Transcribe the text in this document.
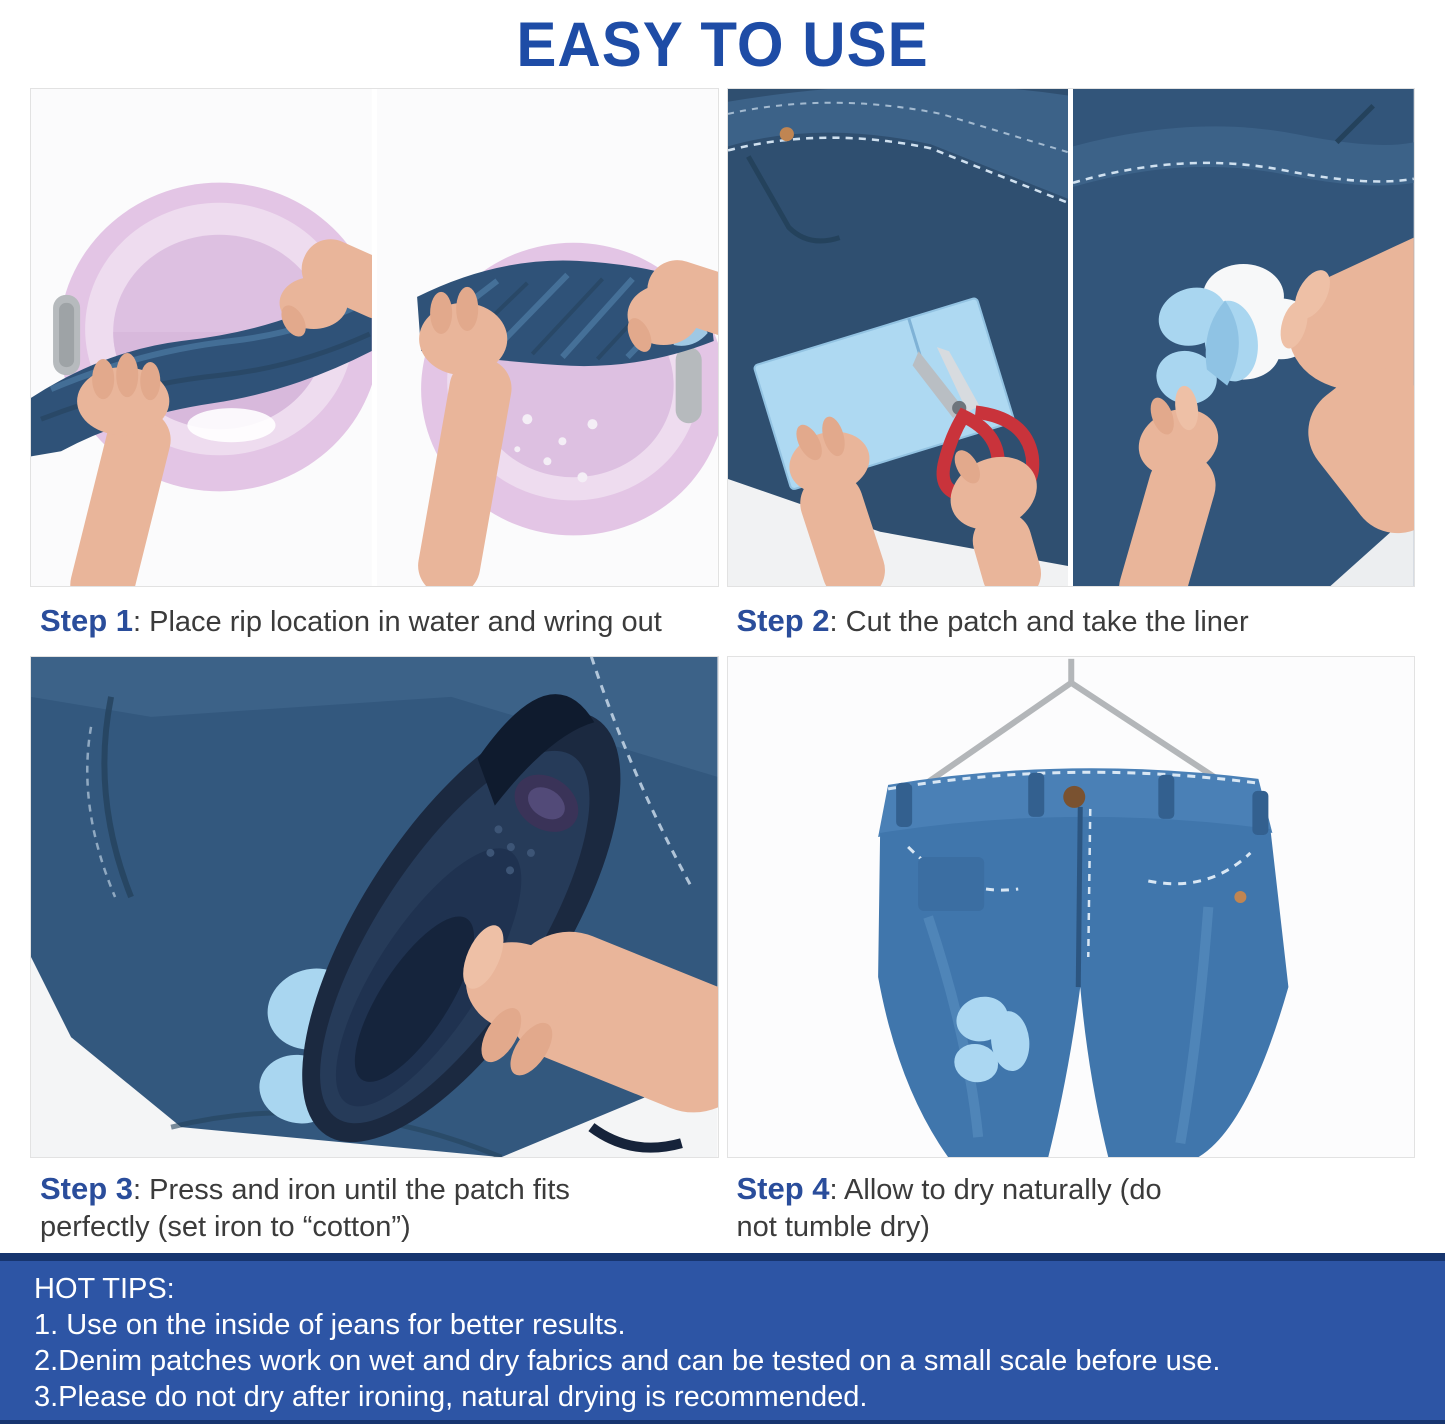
EASY TO USE
Step 1: Place rip location in water and wring out	Step 2: Cut the patch and take the liner
Step 3: Press and iron until the patch fits perfectly (set iron to “cotton”)
Step 4: Allow to dry naturally (do not tumble dry)
HOT TIPS:
1. Use on the inside of jeans for better results.
2.Denim patches work on wet and dry fabrics and can be tested on a small scale before use.
3.Please do not dry after ironing, natural drying is recommended.
